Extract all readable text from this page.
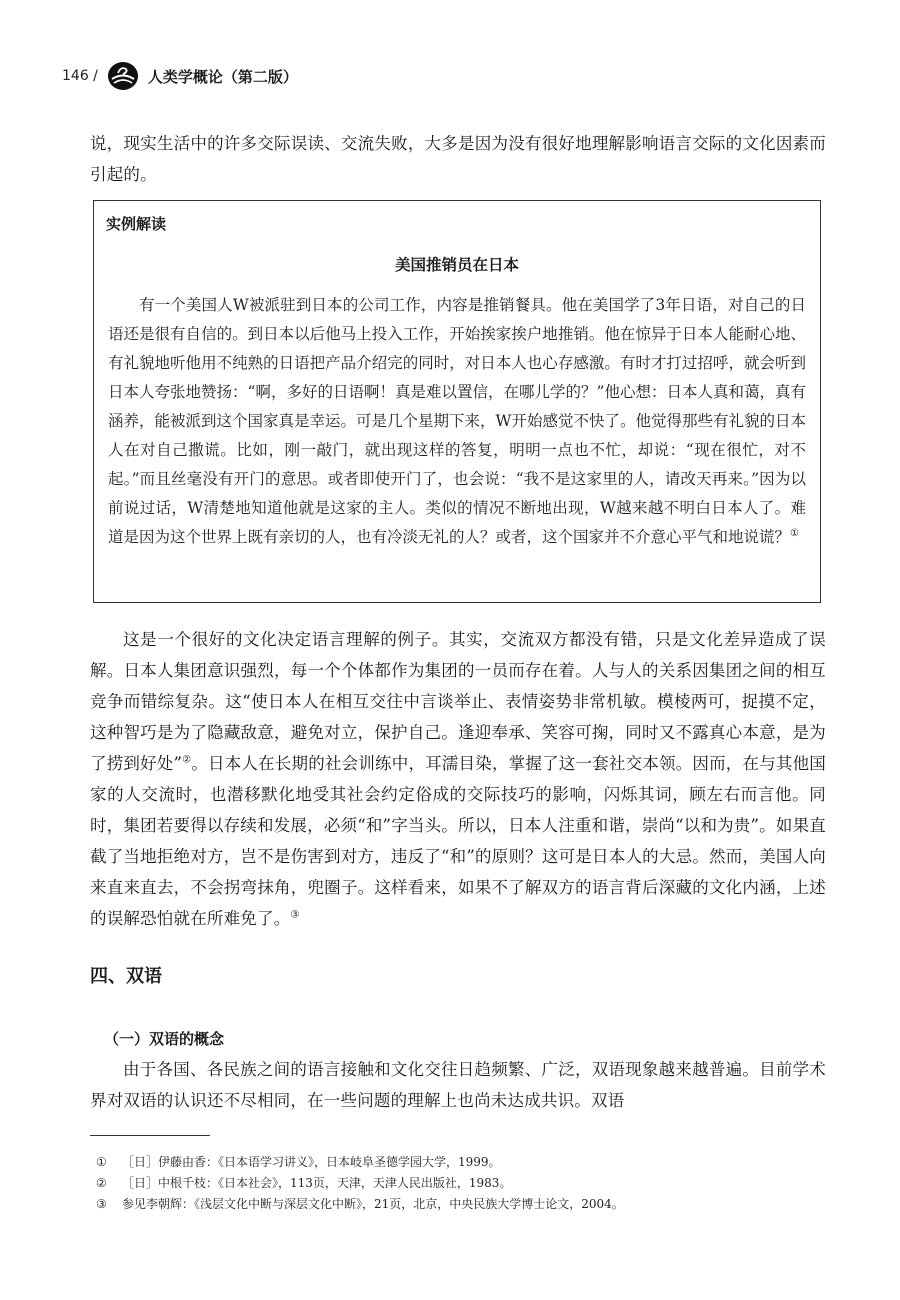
146 /	人类学概论（第二版）

说，现实生活中的许多交际误读、交流失败，大多是因为没有很好地理解影响语言交际的文化因素而引起的。

实例解读
美国推销员在日本

有一个美国人W被派驻到日本的公司工作，内容是推销餐具。他在美国学了3年日语，对自己的日语还是很有自信的。到日本以后他马上投入工作，开始挨家挨户地推销。他在惊异于日本人能耐心地、有礼貌地听他用不纯熟的日语把产品介绍完的同时，对日本人也心存感激。有时才打过招呼，就会听到日本人夸张地赞扬：“啊，多好的日语啊！真是难以置信，在哪儿学的？”他心想：日本人真和蔼，真有涵养，能被派到这个国家真是幸运。可是几个星期下来，W开始感觉不快了。他觉得那些有礼貌的日本人在对自己撒谎。比如，刚一敲门，就出现这样的答复，明明一点也不忙，却说：“现在很忙，对不起。”而且丝毫没有开门的意思。或者即使开门了，也会说：“我不是这家里的人，请改天再来。”因为以前说过话，W清楚地知道他就是这家的主人。类似的情况不断地出现，W越来越不明白日本人了。难道是因为这个世界上既有亲切的人，也有冷淡无礼的人？或者，这个国家并不介意心平气和地说谎？①

这是一个很好的文化决定语言理解的例子。其实，交流双方都没有错，只是文化差异造成了误解。日本人集团意识强烈，每一个个体都作为集团的一员而存在着。人与人的关系因集团之间的相互竞争而错综复杂。这“使日本人在相互交往中言谈举止、表情姿势非常机敏。模棱两可，捉摸不定，这种智巧是为了隐藏敌意，避免对立，保护自己。逢迎奉承、笑容可掬，同时又不露真心本意，是为了捞到好处”②。日本人在长期的社会训练中，耳濡目染，掌握了这一套社交本领。因而，在与其他国家的人交流时，也潜移默化地受其社会约定俗成的交际技巧的影响，闪烁其词，顾左右而言他。同时，集团若要得以存续和发展，必须“和”字当头。所以，日本人注重和谐，崇尚“以和为贵”。如果直截了当地拒绝对方，岂不是伤害到对方，违反了“和”的原则？这可是日本人的大忌。然而，美国人向来直来直去，不会拐弯抹角，兜圈子。这样看来，如果不了解双方的语言背后深藏的文化内涵，上述的误解恐怕就在所难免了。③

四、双语
（一）双语的概念

由于各国、各民族之间的语言接触和文化交往日趋频繁、广泛，双语现象越来越普遍。目前学术界对双语的认识还不尽相同，在一些问题的理解上也尚未达成共识。双语

①	［日］伊藤由香：《日本语学习讲义》，日本岐阜圣德学园大学，1999。
②	［日］中根千枝：《日本社会》，113页，天津，天津人民出版社，1983。
③	参见李朝辉：《浅层文化中断与深层文化中断》，21页，北京，中央民族大学博士论文，2004。
